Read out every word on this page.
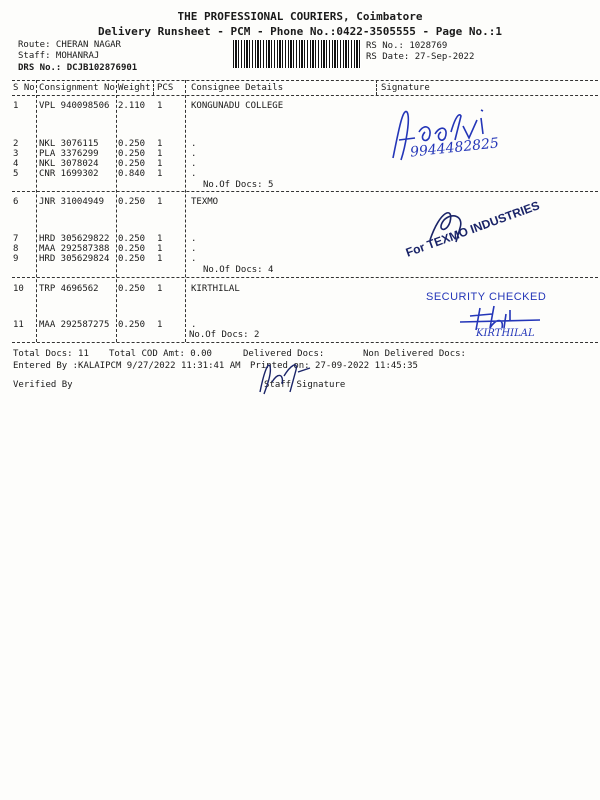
THE PROFESSIONAL COURIERS, Coimbatore
Delivery Runsheet - PCM - Phone No.:0422-3505555 - Page No.:1
Route: CHERAN NAGAR
Staff: MOHANRAJ
DRS No.: DCJB102876901
RS No.: 1028769
RS Date: 27-Sep-2022
S No Consignment No Weight PCS Consignee Details	Signature
1 VPL 940098506 2.110 1	KONGUNADU COLLEGE
2 NKL 3076115 0.250 1	.
3 PLA 3376299 0.250 1	.
4 NKL 3078024 0.250 1	.
5 CNR 1699302 0.840 1	.
No.Of Docs: 5
6 JNR 31004949 0.250 1	TEXMO
7 HRD 305629822 0.250 1	.
8 MAA 292587388 0.250 1	.
9 HRD 305629824 0.250 1	.
No.Of Docs: 4
10 TRP 4696562 0.250 1	KIRTHILAL
11 MAA 292587275 0.250 1	.
No.Of Docs: 2
Total Docs: 11 Total COD Amt: 0.00	Delivered Docs:	Non Delivered Docs:
Entered By :KALAIPCM 9/27/2022 11:31:41 AM Printed on: 27-09-2022 11:45:35
Staff Signature
Verified By
9944482825
For TEXMO INDUSTRIES
SECURITY CHECKED
KIRTHILAL
